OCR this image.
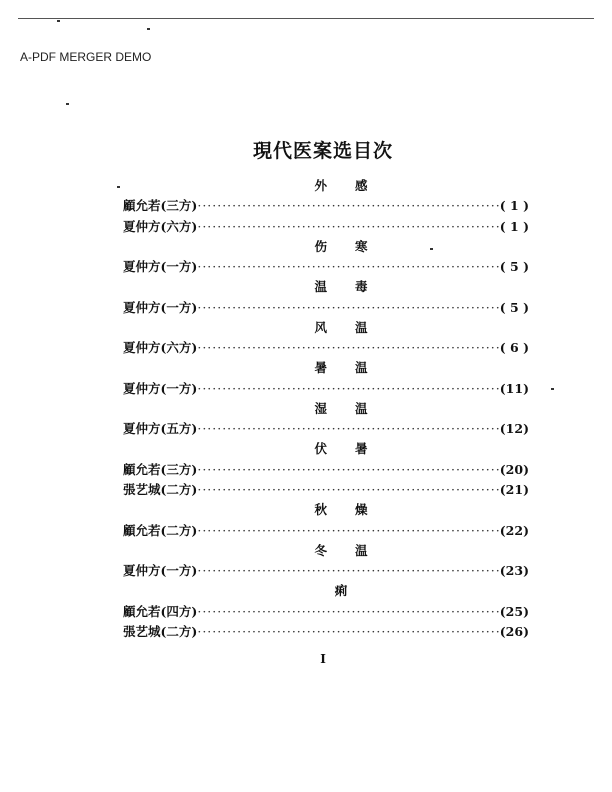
A-PDF MERGER DEMO
現代医案选目次
外 感
顧允若(三方) ·····	( 1 )
夏仲方(六方) ·····	( 1 )
伤 寒
夏仲方(一方) ·····	( 5 )
温 毒
夏仲方(一方) ·····	( 5 )
风 温
夏仲方(六方) ·····	( 6 )
暑 温
夏仲方(一方) ·····	(11)
湿 温
夏仲方(五方) ·····	(12)
伏 暑
顧允若(三方) ·····	(20)
張艺城(二方) ·····	(21)
秋 燥
顧允若(二方) ·····	(22)
冬 温
夏仲方(一方) ·····	(23)
痢
顧允若(四方) ·····	(25)
張艺城(二方) ·····	(26)
I
